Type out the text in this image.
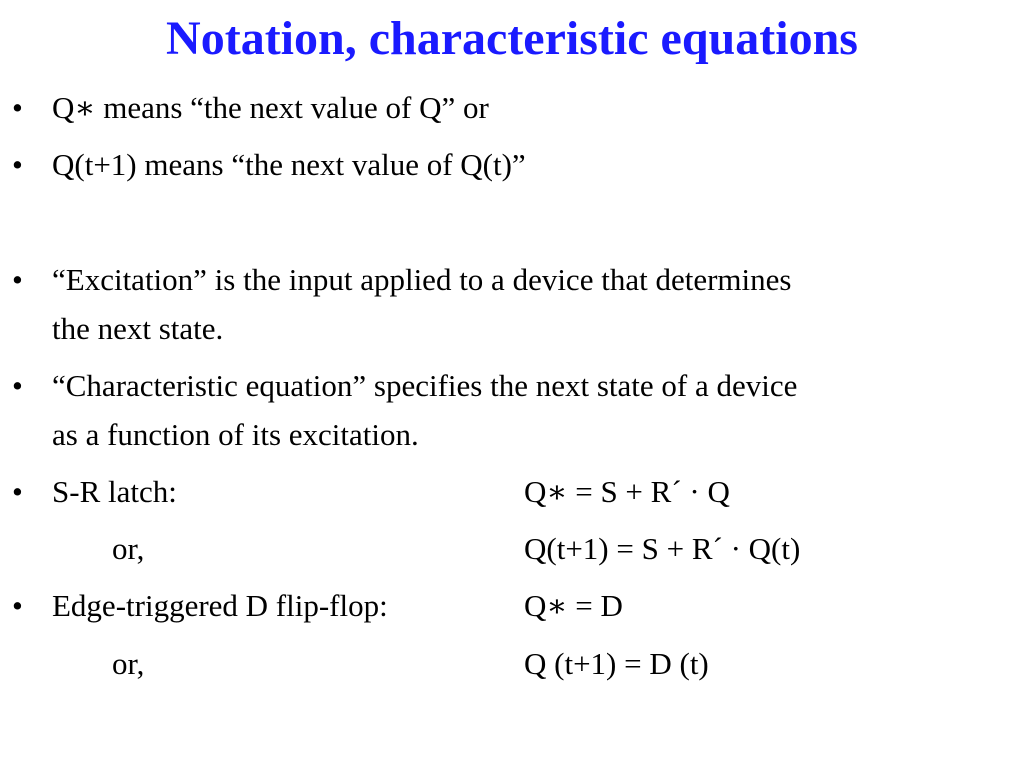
Notation, characteristic equations
• Q∗ means “the next value of Q” or
• Q(t+1) means “the next value of Q(t)”
• “Excitation” is the input applied to a device that determines
the next state.
• “Characteristic equation” specifies the next state of a device
as a function of its excitation.
• S-R latch:	Q∗ = S + R´ · Q
or,	Q(t+1) = S + R´ · Q(t)
• Edge-triggered D flip-flop:	Q∗ = D
or,	Q (t+1) = D (t)
